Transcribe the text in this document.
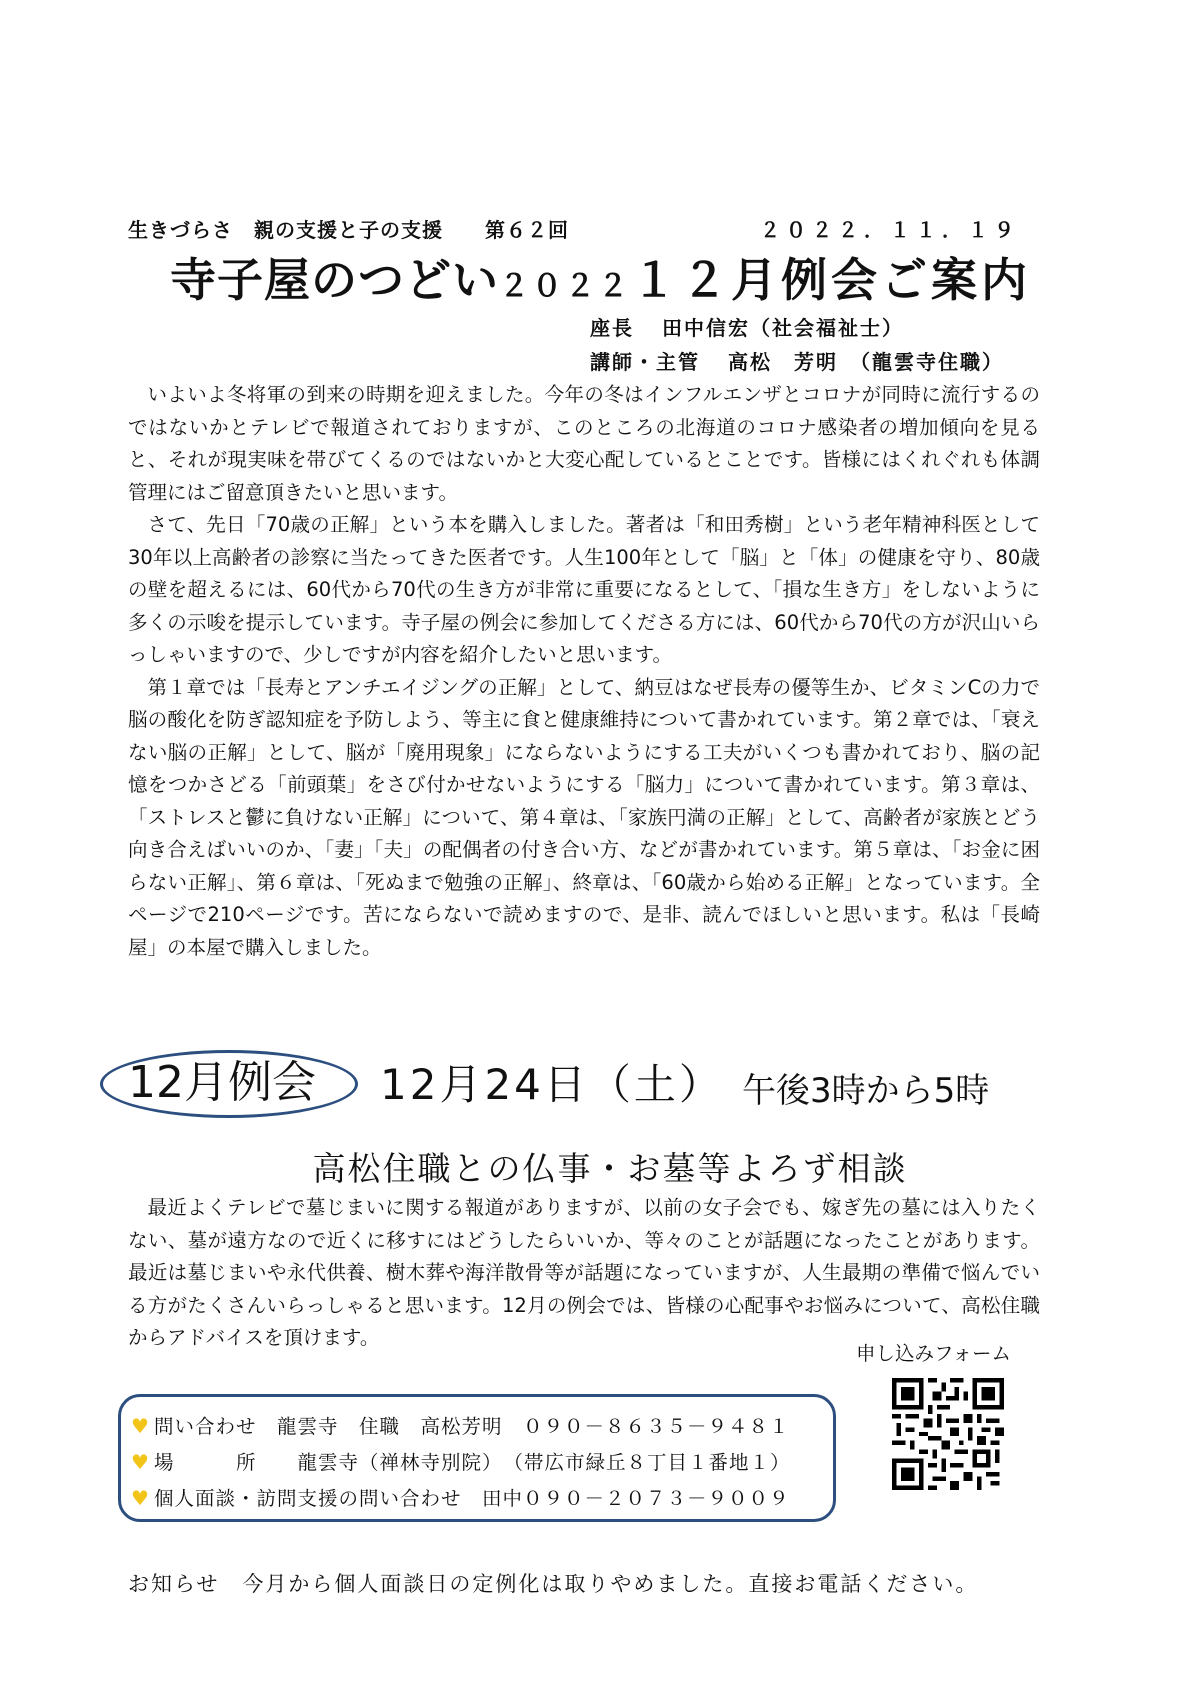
生きづらさ　親の支援と子の支援　　第６２回	２０２２．１１．１９
寺子屋のつどい２０２２１２月例会ご案内
座長 田中信宏（社会福祉士）
講師・主管 高松　芳明　（龍雲寺住職）

いよいよ冬将軍の到来の時期を迎えました。今年の冬はインフルエンザとコロナが同時に流行するのではないかとテレビで報道されておりますが、このところの北海道のコロナ感染者の増加傾向を見ると、それが現実味を帯びてくるのではないかと大変心配しているとことです。皆様にはくれぐれも体調管理にはご留意頂きたいと思います。

さて、先日「70歳の正解」という本を購入しました。著者は「和田秀樹」という老年精神科医として30年以上高齢者の診察に当たってきた医者です。人生100年として「脳」と「体」の健康を守り、80歳の壁を超えるには、60代から70代の生き方が非常に重要になるとして、「損な生き方」をしないように多くの示唆を提示しています。寺子屋の例会に参加してくださる方には、60代から70代の方が沢山いらっしゃいますので、少しですが内容を紹介したいと思います。

第１章では「長寿とアンチエイジングの正解」として、納豆はなぜ長寿の優等生か、ビタミンCの力で脳の酸化を防ぎ認知症を予防しよう、等主に食と健康維持について書かれています。第２章では、「衰えない脳の正解」として、脳が「廃用現象」にならないようにする工夫がいくつも書かれており、脳の記憶をつかさどる「前頭葉」をさび付かせないようにする「脳力」について書かれています。第３章は、「ストレスと鬱に負けない正解」について、第４章は、「家族円満の正解」として、高齢者が家族とどう向き合えばいいのか、「妻」「夫」の配偶者の付き合い方、などが書かれています。第５章は、「お金に困らない正解」、第６章は、「死ぬまで勉強の正解」、終章は、「60歳から始める正解」となっています。全ページで210ページです。苦にならないで読めますので、是非、読んでほしいと思います。私は「長崎屋」の本屋で購入しました。

12月例会 12月24日（土） 午後3時から5時
高松住職との仏事・お墓等よろず相談

最近よくテレビで墓じまいに関する報道がありますが、以前の女子会でも、嫁ぎ先の墓には入りたくない、墓が遠方なので近くに移すにはどうしたらいいか、等々のことが話題になったことがあります。最近は墓じまいや永代供養、樹木葬や海洋散骨等が話題になっていますが、人生最期の準備で悩んでいる方がたくさんいらっしゃると思います。12月の例会では、皆様の心配事やお悩みについて、高松住職からアドバイスを頂けます。

申し込みフォーム
♥ 問い合わせ　龍雲寺　住職　高松芳明　０９０－８６３５－９４８１
♥ 場　　　所　　龍雲寺（禅林寺別院）　（帯広市緑丘８丁目１番地１）
♥ 個人面談・訪問支援の問い合わせ　田中０９０－２０７３－９００９
お知らせ　今月から個人面談日の定例化は取りやめました。直接お電話ください。
